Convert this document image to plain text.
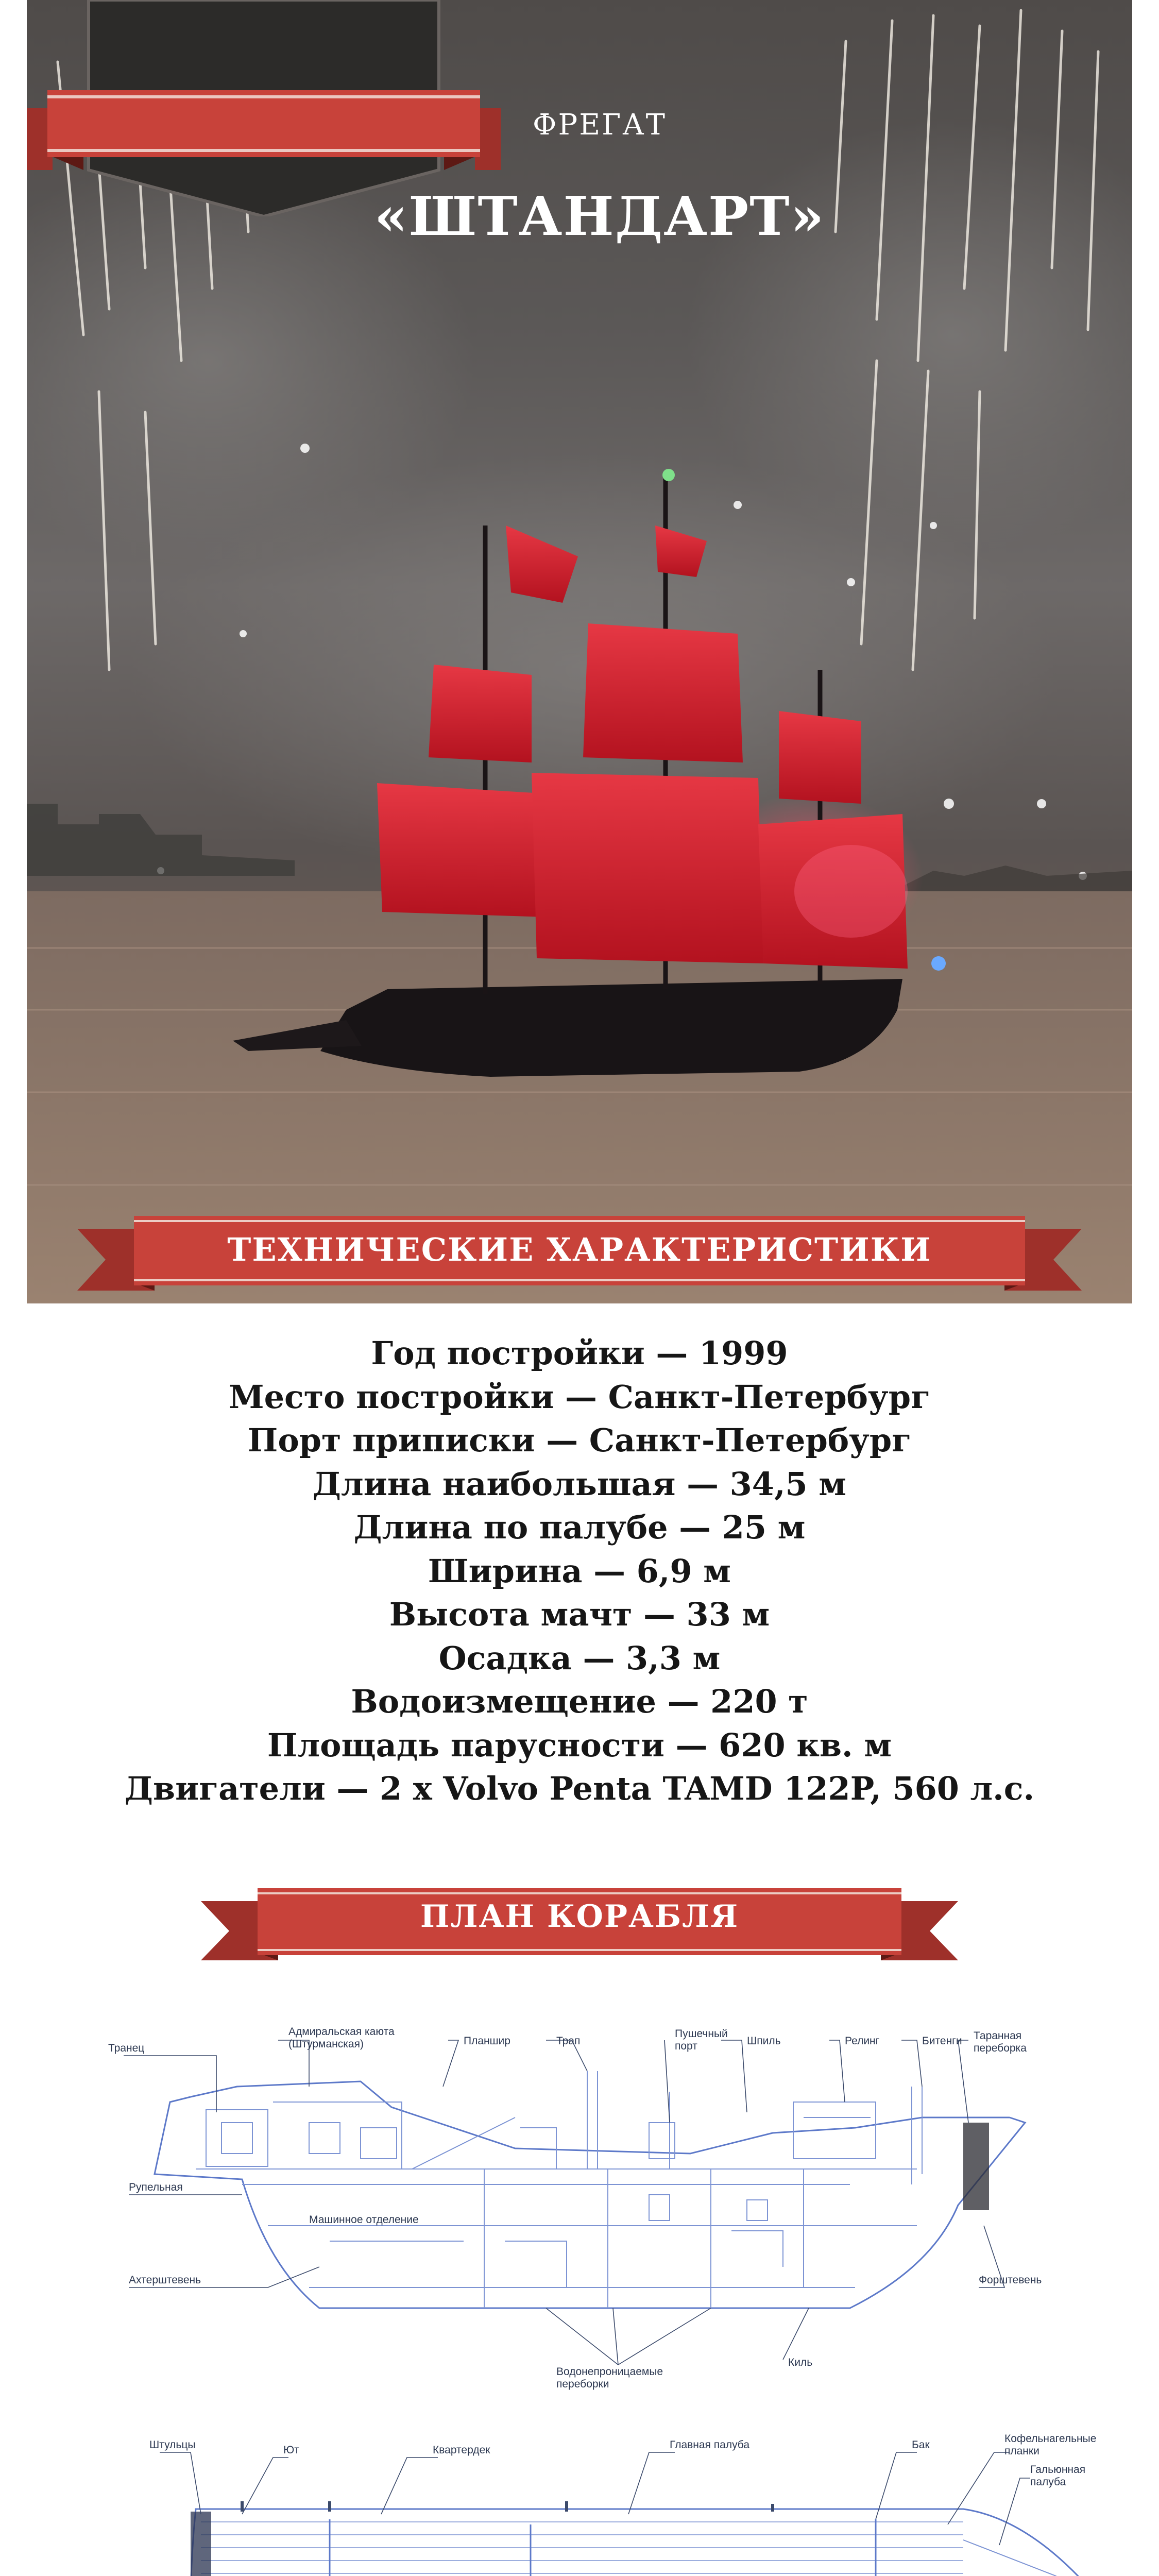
ФРЕГАТ
«ШТАНДАРТ»
ТЕХНИЧЕСКИЕ ХАРАКТЕРИСТИКИ
Год постройки — 1999
Место постройки — Санкт-Петербург
Порт приписки — Санкт-Петербург
Длина наибольшая — 34,5 м
Длина по палубе — 25 м
Ширина — 6,9 м
Высота мачт — 33 м
Осадка — 3,3 м
Водоизмещение — 220 т
Площадь парусности — 620 кв. м
Двигатели — 2 x Volvo Penta TAMD 122P, 560 л.с.
ПЛАН КОРАБЛЯ
Транец
Адмиральская каюта
(Штурманская)	Планшир	Трап
Пушечный
порт	Шпиль	Релинг	Битенги Таранная
переборка
Рупельная
Машинное отделение
Ахтерштевень	Форштевень
Водонепроницаемые
переборки
Киль
Штульцы	Ют	Квартердек	Главная палуба	Бак
Кофельнагельные
планки
Гальюнная
палуба
